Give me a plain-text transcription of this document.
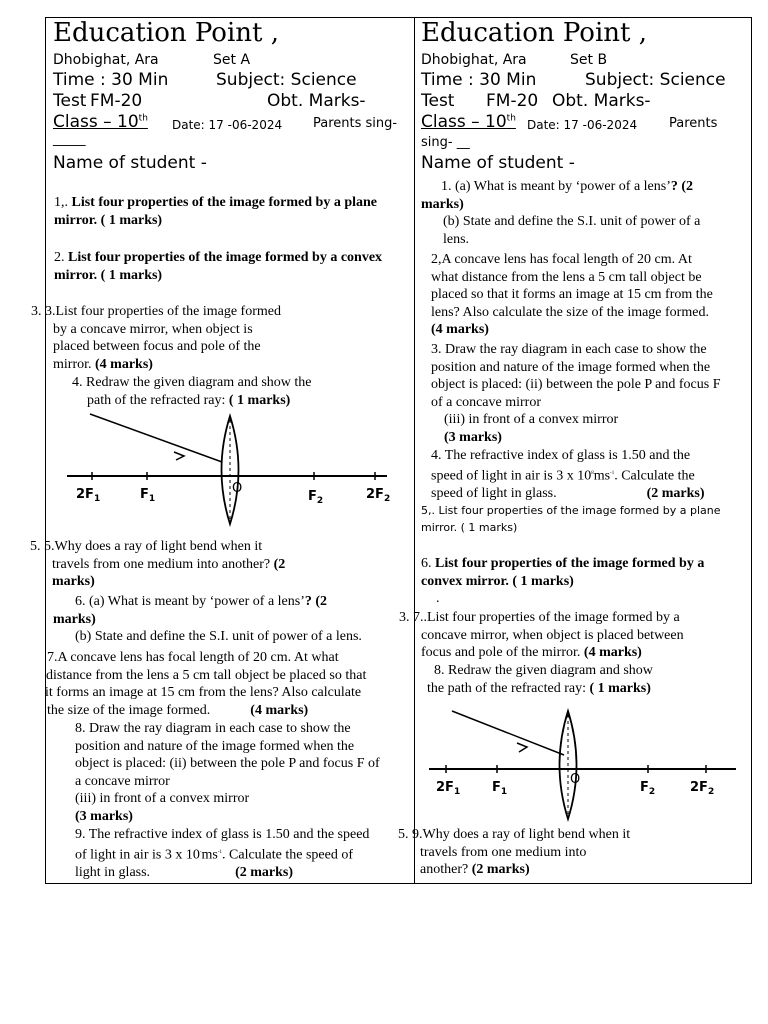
Education Point ,
Dhobighat, Ara	Set A
Time : 30 Min	Subject: Science
Test FM-20	Obt. Marks-
Class – 10th Date: 17 -06-2024 Parents sing-
_____
Name of student -
1,. List four properties of the image formed by a plane mirror. ( 1 marks)
2. List four properties of the image formed by a convex mirror. ( 1 marks)
3. 3.List four properties of the image formed
by a concave mirror, when object is
placed between focus and pole of the
mirror. (4 marks)
4. Redraw the given diagram and show the
path of the refracted ray: ( 1 marks)
$2F_1$	$F_1$
O
$F_2$	$2F_2$
5. 5.Why does a ray of light bend when it
travels from one medium into another? (2
marks)
6. (a) What is meant by ‘power of a lens’? (2
marks)
(b) State and define the S.I. unit of power of a lens.
7.A concave lens has focal length of 20 cm. At what
distance from the lens a 5 cm tall object be placed so that
it forms an image at 15 cm from the lens? Also calculate
the size of the image formed.	(4 marks)
8. Draw the ray diagram in each case to show the
position and nature of the image formed when the
object is placed: (ii) between the pole P and focus F of
a concave mirror
(iii) in front of a convex mirror
(3 marks)
9. The refractive index of glass is 1.50 and the speed
of light in air is 3 x $10^-ms^{-1}$. Calculate the speed of
light in glass.	(2 marks)
Education Point ,
Dhobighat, Ara	Set B
Time : 30 Min	Subject: Science
Test FM-20 Obt. Marks-
Class – 10th Date: 17 -06-2024 Parents
sing- __
Name of student -
1. (a) What is meant by ‘power of a lens’? (2
marks)
(b) State and define the S.I. unit of power of a
lens.
2,A concave lens has focal length of 20 cm. At
what distance from the lens a 5 cm tall object be
placed so that it forms an image at 15 cm from the
lens? Also calculate the size of the image formed.
(4 marks)
3. Draw the ray diagram in each case to show the
position and nature of the image formed when the
object is placed: (ii) between the pole P and focus F
of a concave mirror
(iii) in front of a convex mirror
(3 marks)
4. The refractive index of glass is 1.50 and the
speed of light in air is 3 x $10^8ms^{-1}$. Calculate the
speed of light in glass.	(2 marks)
5,. List four properties of the image formed by a plane
mirror. ( 1 marks)
6. List four properties of the image formed by a convex mirror. ( 1 marks)
.
3. 7..List four properties of the image formed by a
concave mirror, when object is placed between
focus and pole of the mirror. (4 marks)
8. Redraw the given diagram and show
the path of the refracted ray: ( 1 marks)
$2F_1$ $F_1$
O
$F_2$	$2F_2$
5. 9.Why does a ray of light bend when it
travels from one medium into
another? (2 marks)
